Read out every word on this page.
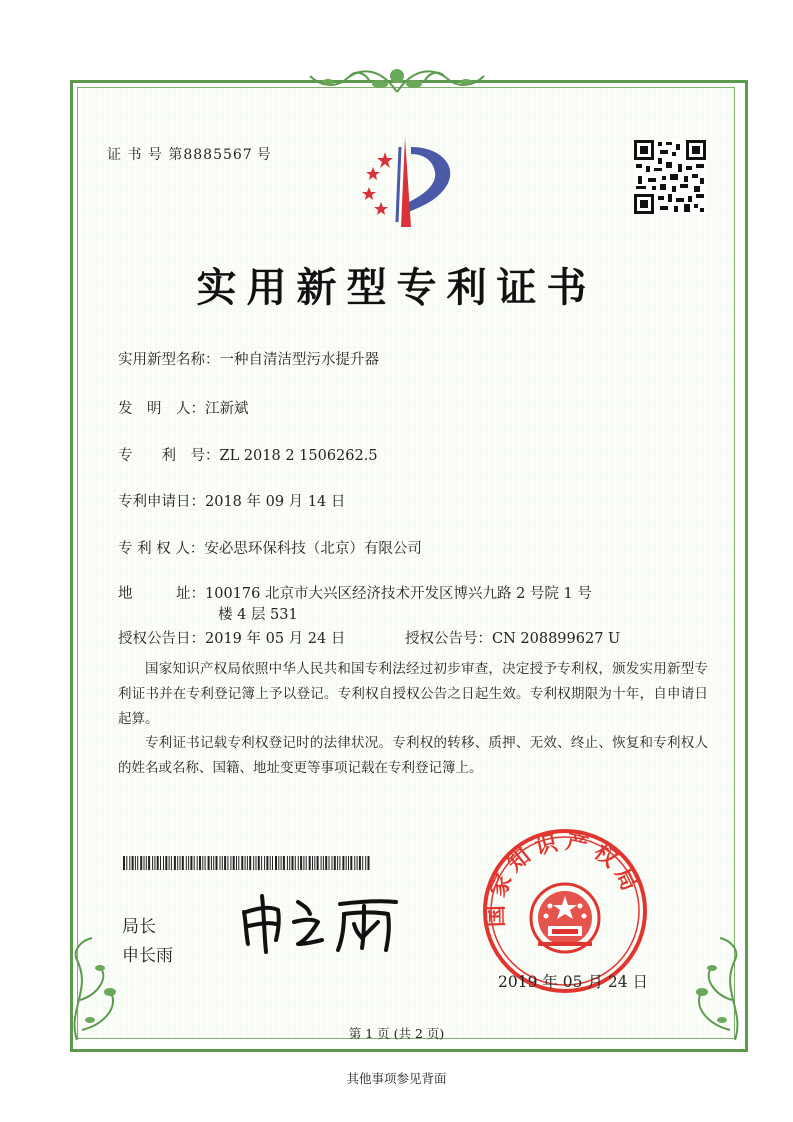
证 书 号 第8885567 号
实用新型专利证书
实用新型名称：一种自清洁型污水提升器
发　明　人：江新斌
专　　利　号：ZL 2018 2 1506262.5
专利申请日：2018 年 09 月 14 日
专 利 权 人：安必思环保科技（北京）有限公司
地　　　址：100176 北京市大兴区经济技术开发区博兴九路 2 号院 1 号
楼 4 层 531
授权公告日：2019 年 05 月 24 日	授权公告号：CN 208899627 U
国家知识产权局依照中华人民共和国专利法经过初步审查，决定授予专利权，颁发实用新型专利证书并在专利登记簿上予以登记。专利权自授权公告之日起生效。专利权期限为十年，自申请日起算。
专利证书记载专利权登记时的法律状况。专利权的转移、质押、无效、终止、恢复和专利权人的姓名或名称、国籍、地址变更等事项记载在专利登记簿上。
局长
申长雨
国家知识产权局
2019 年 05 月 24 日
第 1 页 (共 2 页)
其他事项参见背面
